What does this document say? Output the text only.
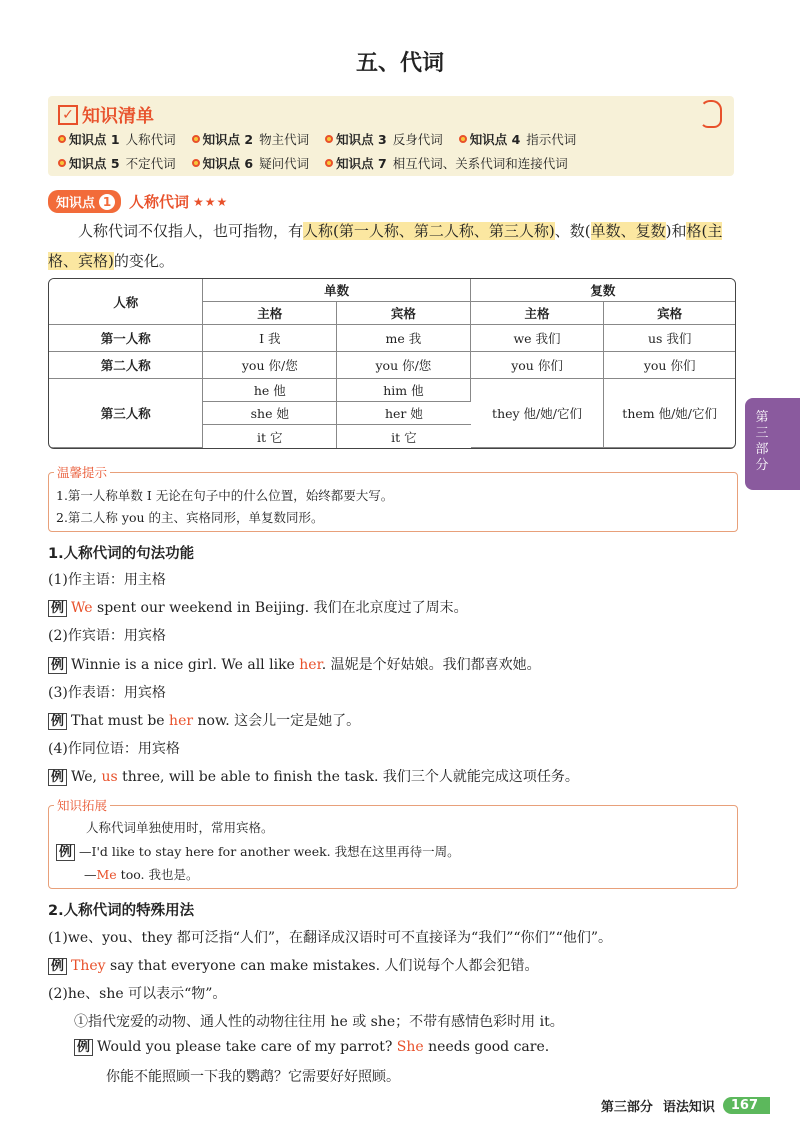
五、代词
✓ 知识清单
知识点 1 人称代词 知识点 2 物主代词 知识点 3 反身代词 知识点 4 指示代词
知识点 5 不定代词 知识点 6 疑问代词 知识点 7 相互代词、关系代词和连接代词
知识点 1 人称代词 ★★★
人称代词不仅指人，也可指物，有人称(第一人称、第二人称、第三人称)、数(单数、复数)和格(主格、宾格)的变化。
人称	单数		复数	
	主格	宾格	主格	宾格
第一人称	I 我	me 我	we 我们	us 我们
第二人称	you 你/您	you 你/您	you 你们	you 你们
第三人称	he 他	him 他	they 他/她/它们	them 他/她/它们
	she 她	her 她		
	it 它	it 它		
温馨提示
1.第一人称单数 I 无论在句子中的什么位置，始终都要大写。
2.第二人称 you 的主、宾格同形，单复数同形。
1.人称代词的句法功能
(1)作主语：用主格
例 We spent our weekend in Beijing. 我们在北京度过了周末。
(2)作宾语：用宾格
例 Winnie is a nice girl. We all like her. 温妮是个好姑娘。我们都喜欢她。
(3)作表语：用宾格
例 That must be her now. 这会儿一定是她了。
(4)作同位语：用宾格
例 We, us three, will be able to finish the task. 我们三个人就能完成这项任务。
知识拓展
人称代词单独使用时，常用宾格。
例 —I'd like to stay here for another week. 我想在这里再待一周。
—Me too. 我也是。
2.人称代词的特殊用法
(1)we、you、they 都可泛指“人们”，在翻译成汉语时可不直接译为“我们”“你们”“他们”。
例 They say that everyone can make mistakes. 人们说每个人都会犯错。
(2)he、she 可以表示“物”。
①指代宠爱的动物、通人性的动物往往用 he 或 she；不带有感情色彩时用 it。
例 Would you please take care of my parrot? She needs good care.
你能不能照顾一下我的鹦鹉？它需要好好照顾。
第三部分
第三部分 语法知识	167
